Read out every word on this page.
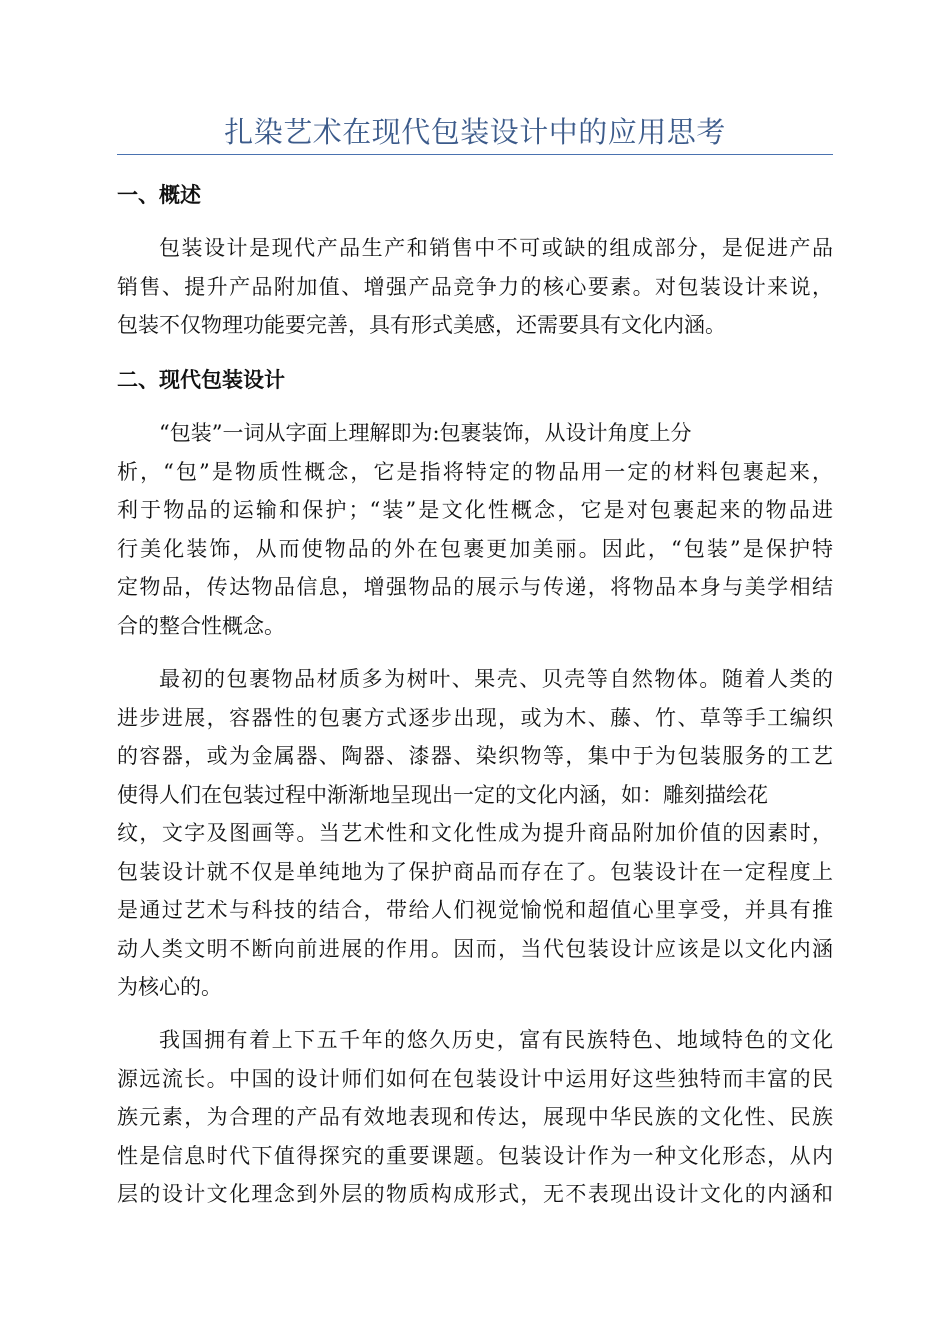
扎染艺术在现代包装设计中的应用思考
一、概述

包装设计是现代产品生产和销售中不可或缺的组成部分，是促进产品
销售、提升产品附加值、增强产品竞争力的核心要素。对包装设计来说，
包装不仅物理功能要完善，具有形式美感，还需要具有文化内涵。

二、现代包装设计

“包装”一词从字面上理解即为:包裹装饰，从设计角度上分
析，“包”是物质性概念，它是指将特定的物品用一定的材料包裹起来，
利于物品的运输和保护；“装”是文化性概念，它是对包裹起来的物品进
行美化装饰，从而使物品的外在包裹更加美丽。因此，“包装”是保护特
定物品，传达物品信息，增强物品的展示与传递，将物品本身与美学相结
合的整合性概念。

最初的包裹物品材质多为树叶、果壳、贝壳等自然物体。随着人类的
进步进展，容器性的包裹方式逐步出现，或为木、藤、竹、草等手工编织
的容器，或为金属器、陶器、漆器、染织物等，集中于为包装服务的工艺
使得人们在包装过程中渐渐地呈现出一定的文化内涵，如：雕刻描绘花
纹，文字及图画等。当艺术性和文化性成为提升商品附加价值的因素时，
包装设计就不仅是单纯地为了保护商品而存在了。包装设计在一定程度上
是通过艺术与科技的结合，带给人们视觉愉悦和超值心里享受，并具有推
动人类文明不断向前进展的作用。因而，当代包装设计应该是以文化内涵
为核心的。

我国拥有着上下五千年的悠久历史，富有民族特色、地域特色的文化
源远流长。中国的设计师们如何在包装设计中运用好这些独特而丰富的民
族元素，为合理的产品有效地表现和传达，展现中华民族的文化性、民族
性是信息时代下值得探究的重要课题。包装设计作为一种文化形态，从内
层的设计文化理念到外层的物质构成形式，无不表现出设计文化的内涵和
